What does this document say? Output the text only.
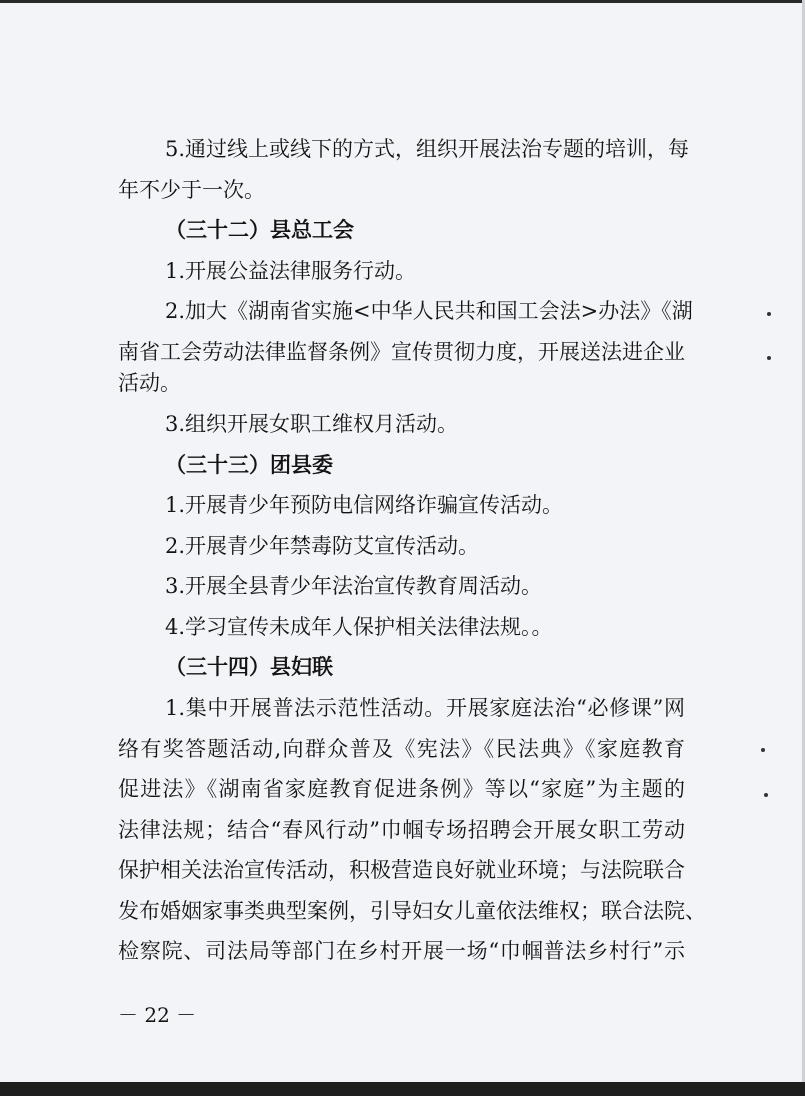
5.通过线上或线下的方式，组织开展法治专题的培训，每
年不少于一次。
（三十二）县总工会
1.开展公益法律服务行动。
2.加大《湖南省实施<中华人民共和国工会法>办法》《湖
南省工会劳动法律监督条例》宣传贯彻力度，开展送法进企业
活动。
3.组织开展女职工维权月活动。
（三十三）团县委
1.开展青少年预防电信网络诈骗宣传活动。
2.开展青少年禁毒防艾宣传活动。
3.开展全县青少年法治宣传教育周活动。
4.学习宣传未成年人保护相关法律法规。。
（三十四）县妇联
1.集中开展普法示范性活动。开展家庭法治“必修课”网
络有奖答题活动,向群众普及《宪法》《民法典》《家庭教育
促进法》《湖南省家庭教育促进条例》等以“家庭”为主题的
法律法规；结合“春风行动”巾帼专场招聘会开展女职工劳动
保护相关法治宣传活动，积极营造良好就业环境；与法院联合
发布婚姻家事类典型案例，引导妇女儿童依法维权；联合法院、
检察院、司法局等部门在乡村开展一场“巾帼普法乡村行”示
－ 22 －
